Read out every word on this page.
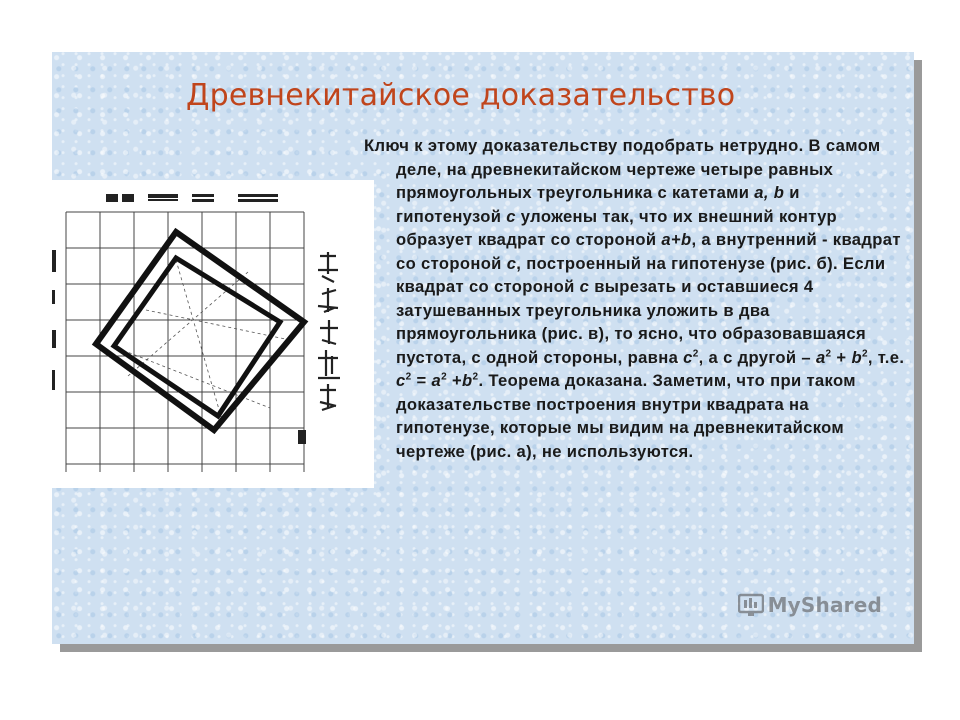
Древнекитайское доказательство

Ключ к этому доказательству подобрать нетрудно. В самом деле, на древнекитайском чертеже четыре равных прямоугольных треугольника с катетами a, b и гипотенузой с уложены так, что их внешний контур образует квадрат со стороной а+b, а внутренний - квадрат со стороной с, построенный на гипотенузе (рис. б). Если квадрат со стороной с вырезать и оставшиеся 4 затушеванных треугольника уложить в два прямоугольника (рис. в), то ясно, что образовавшаяся пустота, с одной стороны, равна $с^2$, а с другой – $а^2 + b^2$, т.е. $с^2 = а^2 +b^2$. Теорема доказана. Заметим, что при таком доказательстве построения внутри квадрата на гипотенузе, которые мы видим на древнекитайском чертеже (рис. а), не используются.

MyShared
